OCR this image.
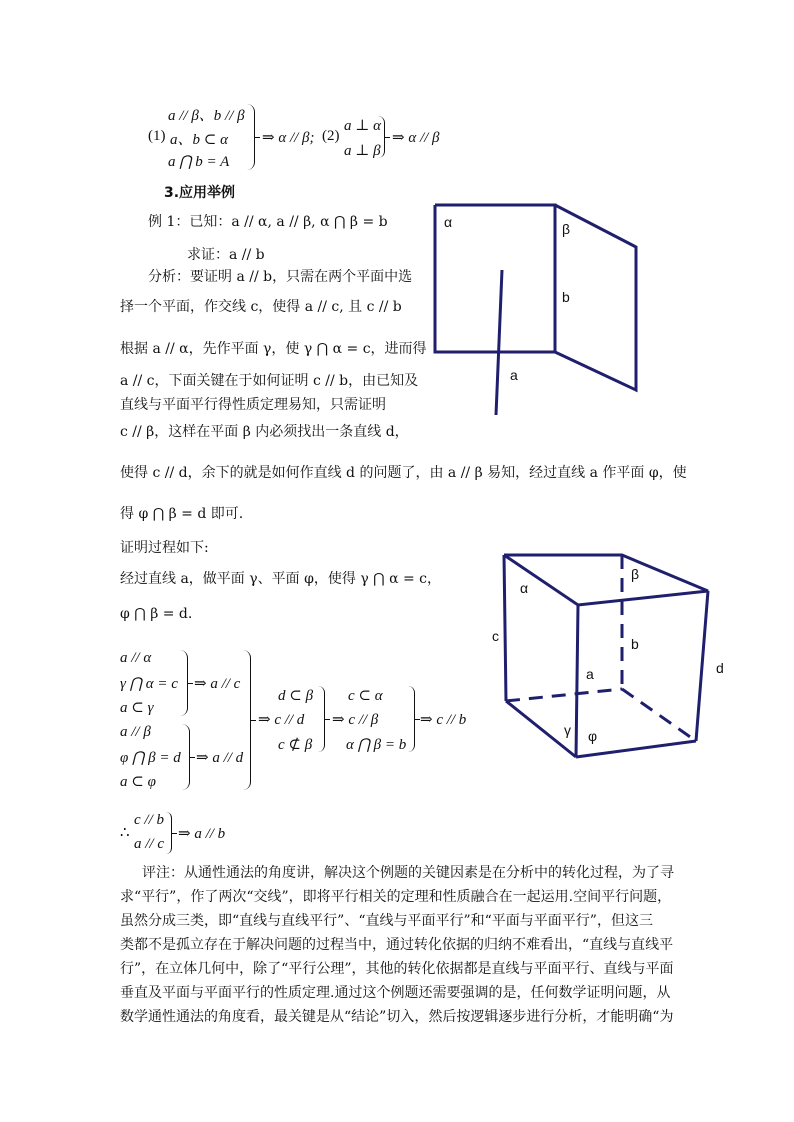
a // β、b // β
(1) a、b ⊂ α
a ⋂ b = A
⇒ α // β; (2)
a ⊥ α
a ⊥ β
⇒ α // β
3.应用举例
例 1：已知：a // α, a // β, α ⋂ β = b
求证：a // b
分析：要证明 a // b，只需在两个平面中选
择一个平面，作交线 c，使得 a // c, 且 c // b
根据 a // α，先作平面 γ，使 γ ⋂ α = c，进而得
a // c，下面关键在于如何证明 c // b，由已知及
直线与平面平行得性质定理易知，只需证明
c // β，这样在平面 β 内必须找出一条直线 d，
使得 c // d，余下的就是如何作直线 d 的问题了，由 a // β 易知，经过直线 a 作平面 φ，使
得 φ ⋂ β = d 即可.
α	β
b
a
证明过程如下:
经过直线 a，做平面 γ、平面 φ，使得 γ ⋂ α = c，
φ ⋂ β = d.
a // α
γ ⋂ α = c
a ⊂ γ
⇒ a // c
a // β
φ ⋂ β = d
a ⊂ φ
⇒ a // d
⇒ c // d
d ⊂ β
c ⊄ β
⇒ c // β
c ⊂ α
α ⋂ β = b
⇒ c // b
∴
c // b
a // c
⇒ a // b
α
β
b
c
d
a
γ φ
评注：从通性通法的角度讲，解决这个例题的关键因素是在分析中的转化过程，为了寻
求“平行”，作了两次“交线”，即将平行相关的定理和性质融合在一起运用.空间平行问题，
虽然分成三类，即“直线与直线平行”、“直线与平面平行”和“平面与平面平行”，但这三
类都不是孤立存在于解决问题的过程当中，通过转化依据的归纳不难看出，“直线与直线平
行”，在立体几何中，除了“平行公理”，其他的转化依据都是直线与平面平行、直线与平面
垂直及平面与平面平行的性质定理.通过这个例题还需要强调的是，任何数学证明问题，从
数学通性通法的角度看，最关键是从“结论”切入，然后按逻辑逐步进行分析，才能明确“为
